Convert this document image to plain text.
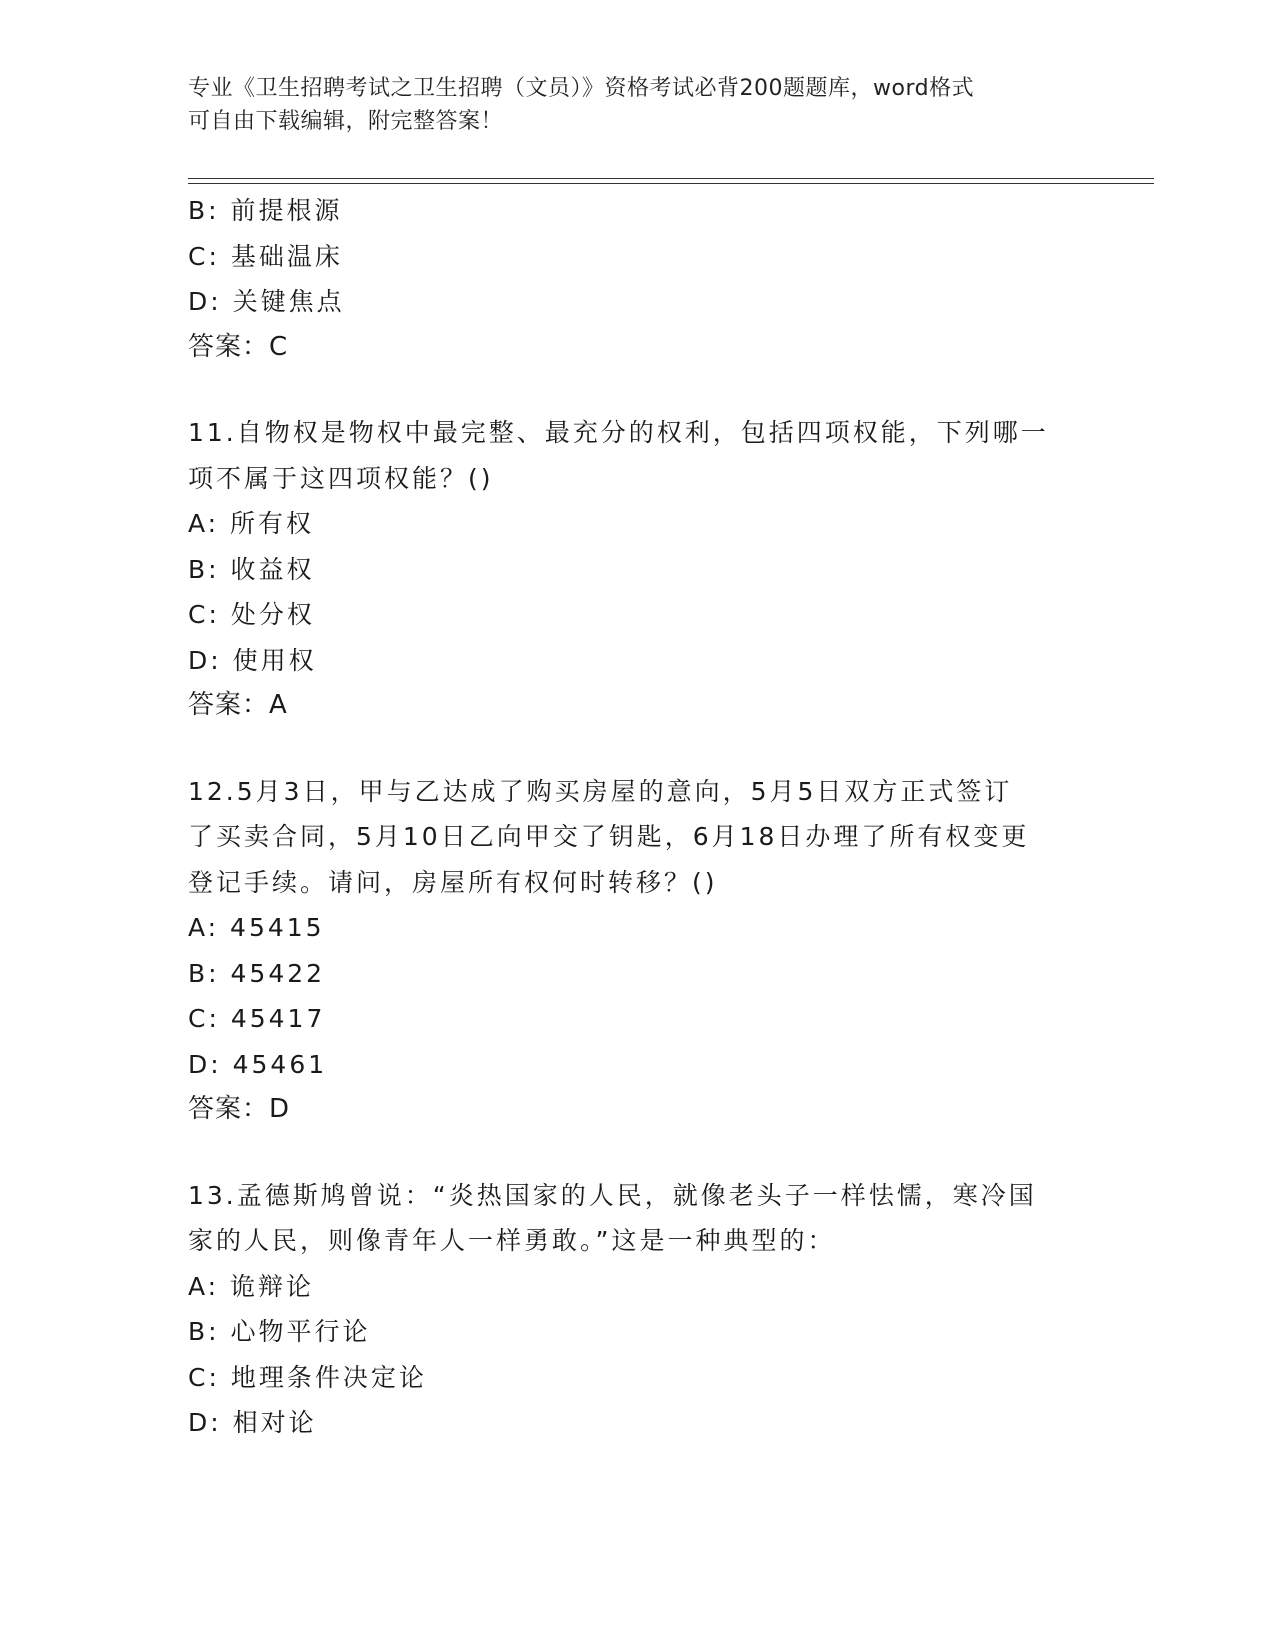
专业《卫生招聘考试之卫生招聘（文员）》资格考试必背200题题库，word格式
可自由下载编辑，附完整答案！
B: 前提根源
C: 基础温床
D: 关键焦点
答案：C
11.自物权是物权中最完整、最充分的权利，包括四项权能，下列哪一
项不属于这四项权能？()
A: 所有权
B: 收益权
C: 处分权
D: 使用权
答案：A
12.5月3日，甲与乙达成了购买房屋的意向，5月5日双方正式签订
了买卖合同，5月10日乙向甲交了钥匙，6月18日办理了所有权变更
登记手续。请问，房屋所有权何时转移？()
A: 45415
B: 45422
C: 45417
D: 45461
答案：D
13.孟德斯鸠曾说：“炎热国家的人民，就像老头子一样怯懦，寒冷国
家的人民，则像青年人一样勇敢。”这是一种典型的：
A: 诡辩论
B: 心物平行论
C: 地理条件决定论
D: 相对论
